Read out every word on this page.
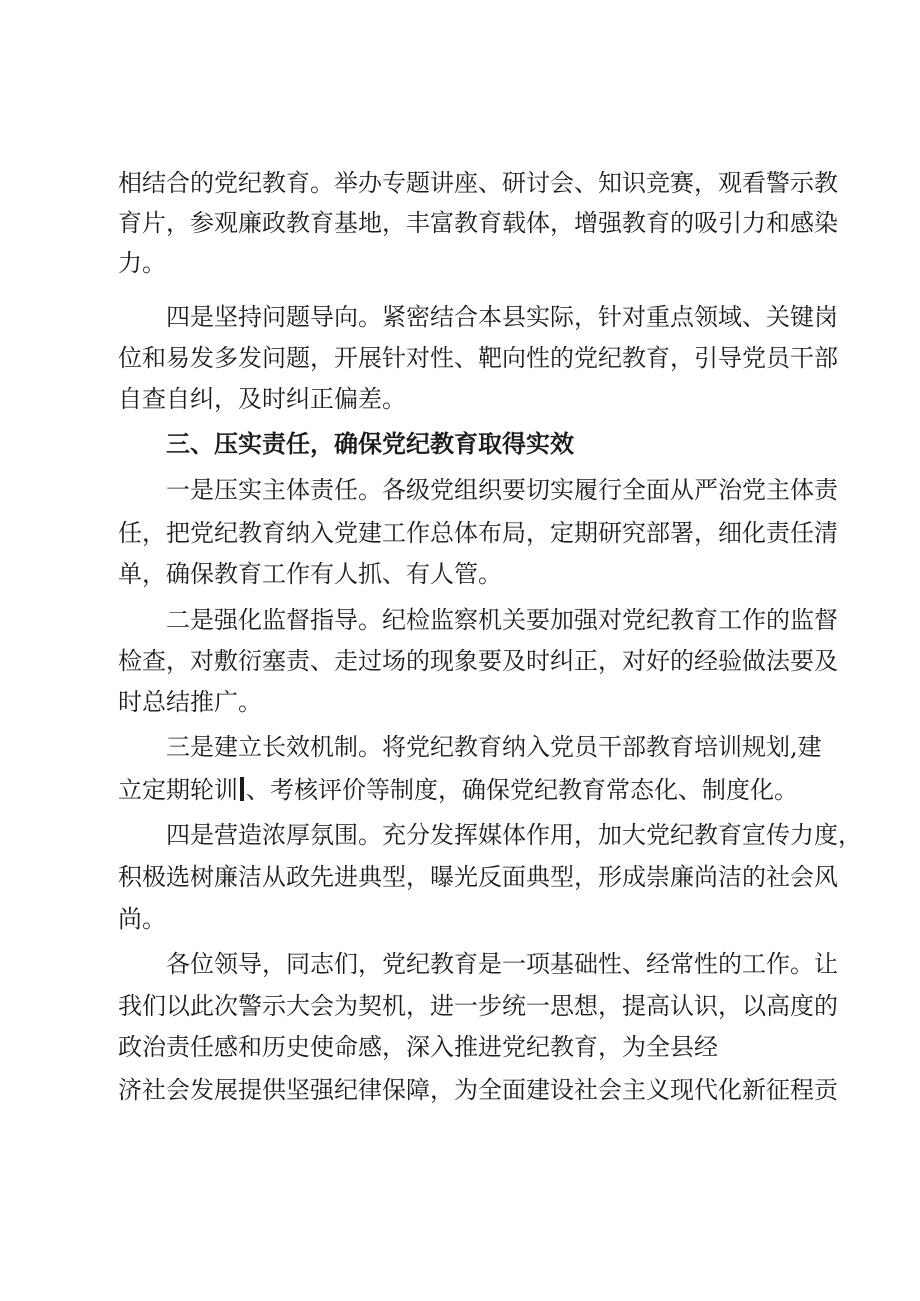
相结合的党纪教育。举办专题讲座、研讨会、知识竞赛，观看警示教
育片，参观廉政教育基地，丰富教育载体，增强教育的吸引力和感染
力。
四是坚持问题导向。紧密结合本县实际，针对重点领域、关键岗
位和易发多发问题，开展针对性、靶向性的党纪教育，引导党员干部
自查自纠，及时纠正偏差。
三、压实责任，确保党纪教育取得实效
一是压实主体责任。各级党组织要切实履行全面从严治党主体责
任，把党纪教育纳入党建工作总体布局，定期研究部署，细化责任清
单，确保教育工作有人抓、有人管。
二是强化监督指导。纪检监察机关要加强对党纪教育工作的监督
检查，对敷衍塞责、走过场的现象要及时纠正，对好的经验做法要及
时总结推广。
三是建立长效机制。将党纪教育纳入党员干部教育培训规划,建
立定期轮训 、考核评价等制度，确保党纪教育常态化、制度化。
四是营造浓厚氛围。充分发挥媒体作用，加大党纪教育宣传力度，
积极选树廉洁从政先进典型，曝光反面典型，形成崇廉尚洁的社会风
尚。
各位领导，同志们，党纪教育是一项基础性、经常性的工作。让
我们以此次警示大会为契机，进一步统一思想，提高认识，以高度的
政治责任感和历史使命感，深入推进党纪教育，为全县经
济社会发展提供坚强纪律保障，为全面建设社会主义现代化新征程贡
